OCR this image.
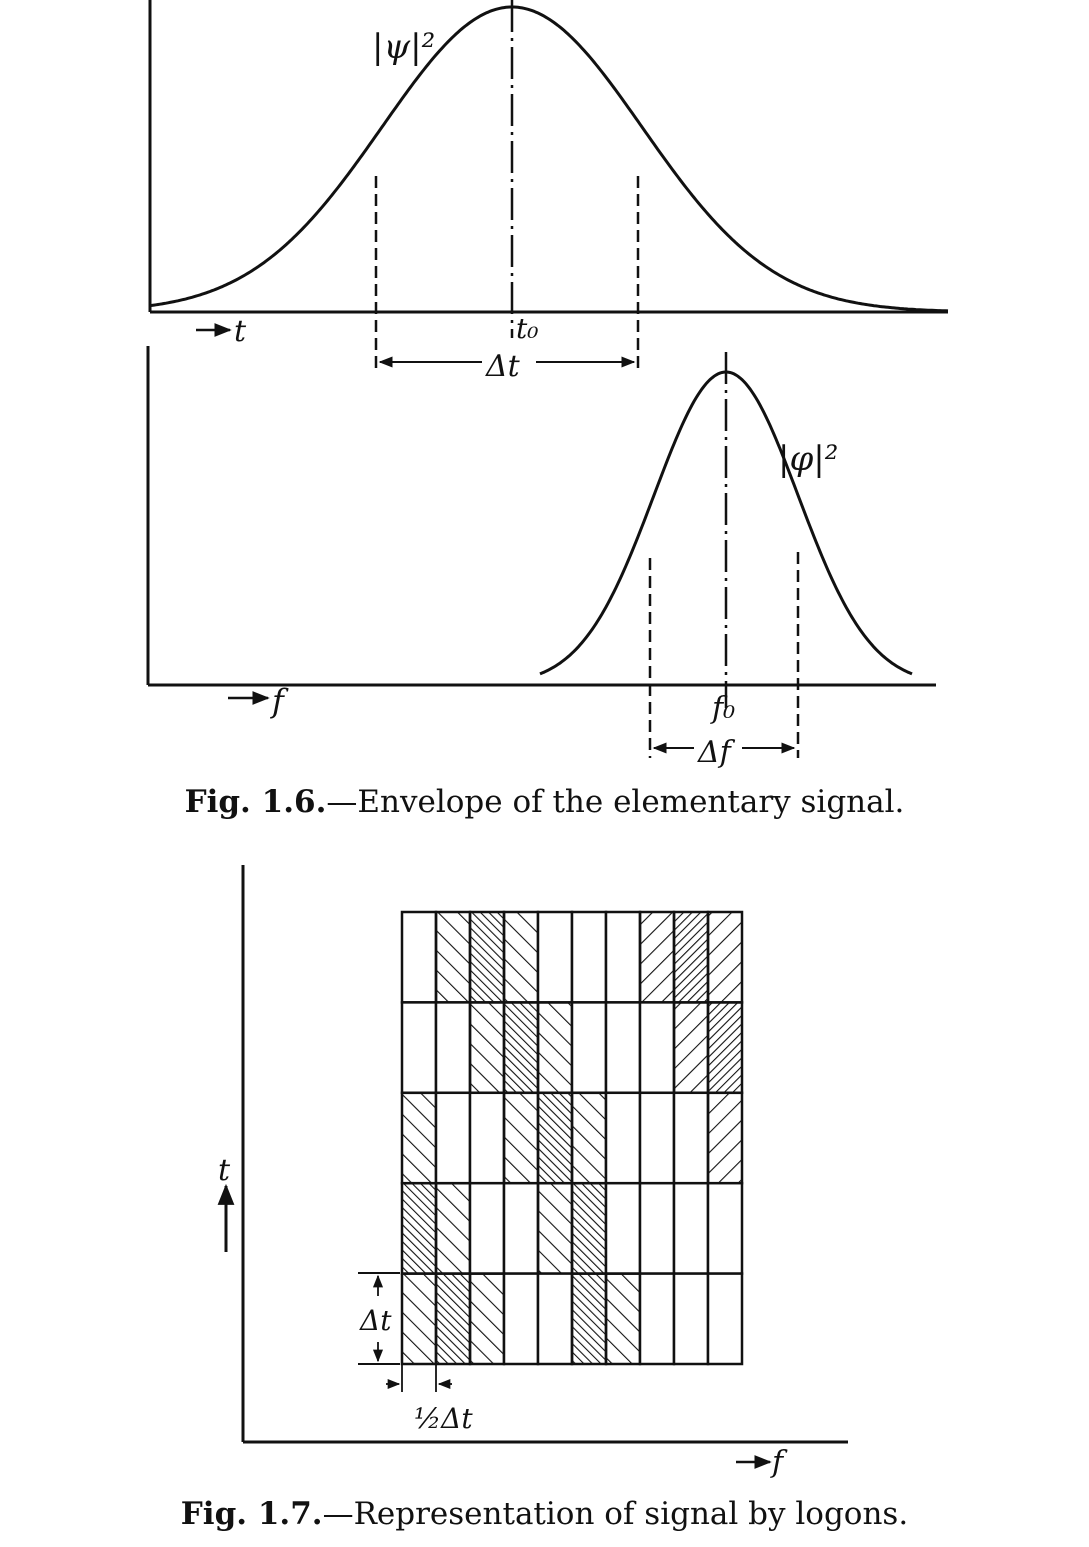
|ψ|²
t	t₀
Δt
|φ|²
f	f₀
Δf
t
f
Δt
½Δt
Fig. 1.6.—Envelope of the elementary signal.
Fig. 1.7.—Representation of signal by logons.
